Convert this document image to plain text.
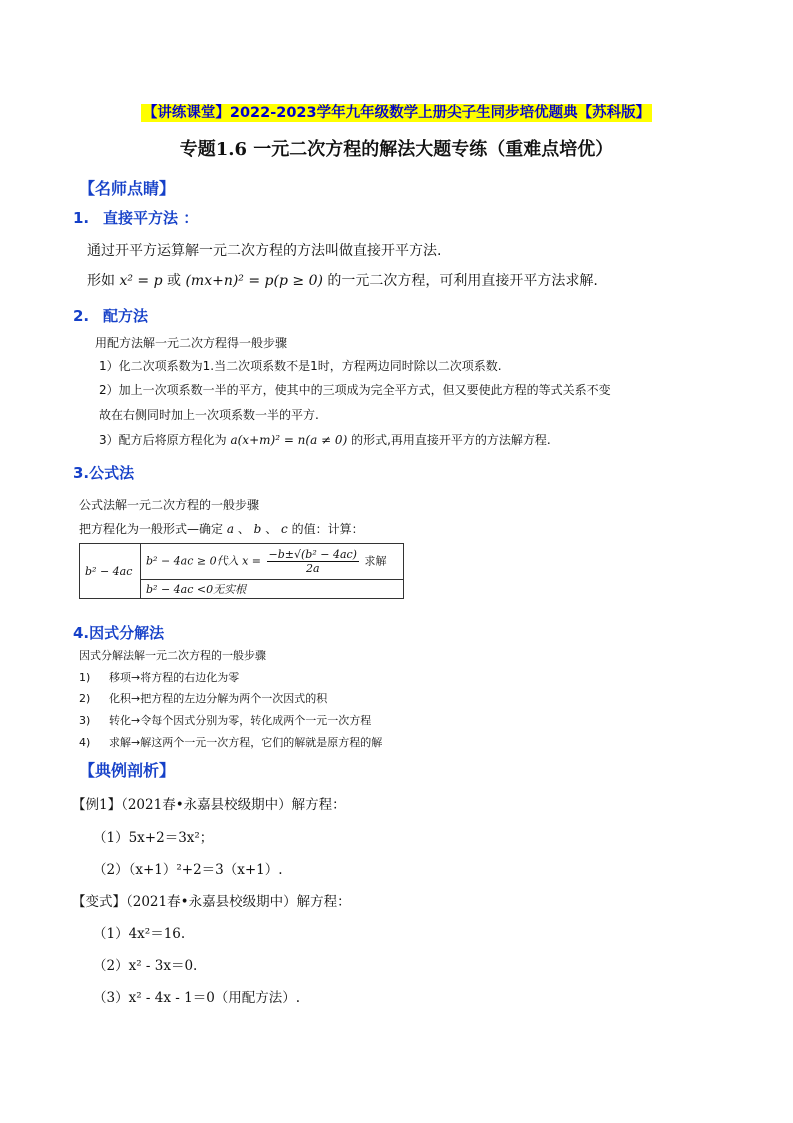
【讲练课堂】2022-2023学年九年级数学上册尖子生同步培优题典【苏科版】
专题1.6 一元二次方程的解法大题专练（重难点培优）
【名师点睛】
1. 直接平方法 ：
通过开平方运算解一元二次方程的方法叫做直接开平方法.
形如 x² = p 或 (mx+n)² = p(p ≥ 0) 的一元二次方程，可利用直接开平方法求解.
2. 配方法
用配方法解一元二次方程得一般步骤
1）化二次项系数为1.当二次项系数不是1时，方程两边同时除以二次项系数.
2）加上一次项系数一半的平方，使其中的三项成为完全平方式，但又要使此方程的等式关系不变
故在右侧同时加上一次项系数一半的平方.
3）配方后将原方程化为 a(x+m)² = n(a ≠ 0) 的形式,再用直接开平方的方法解方程.
3.公式法
公式法解一元二次方程的一般步骤
把方程化为一般形式—确定 a 、 b 、 c 的值：计算：
b² − 4ac	b² − 4ac ≥ 0代入 $x = \frac{\text{−b±√(b² − 4ac)}}{2a}$ 求解
b² − 4ac <0无实根
4.因式分解法
因式分解法解一元二次方程的一般步骤
1) 移项→将方程的右边化为零
2) 化积→把方程的左边分解为两个一次因式的积
3) 转化→令每个因式分别为零，转化成两个一元一次方程
4) 求解→解这两个一元一次方程，它们的解就是原方程的解
【典例剖析】
【例1】（2021春•永嘉县校级期中）解方程：
（1）5x+2＝3x²；
（2）（x+1）²+2＝3（x+1）.
【变式】（2021春•永嘉县校级期中）解方程：
（1）4x²＝16.
（2）x² - 3x＝0.
（3）x² - 4x - 1＝0（用配方法）.
